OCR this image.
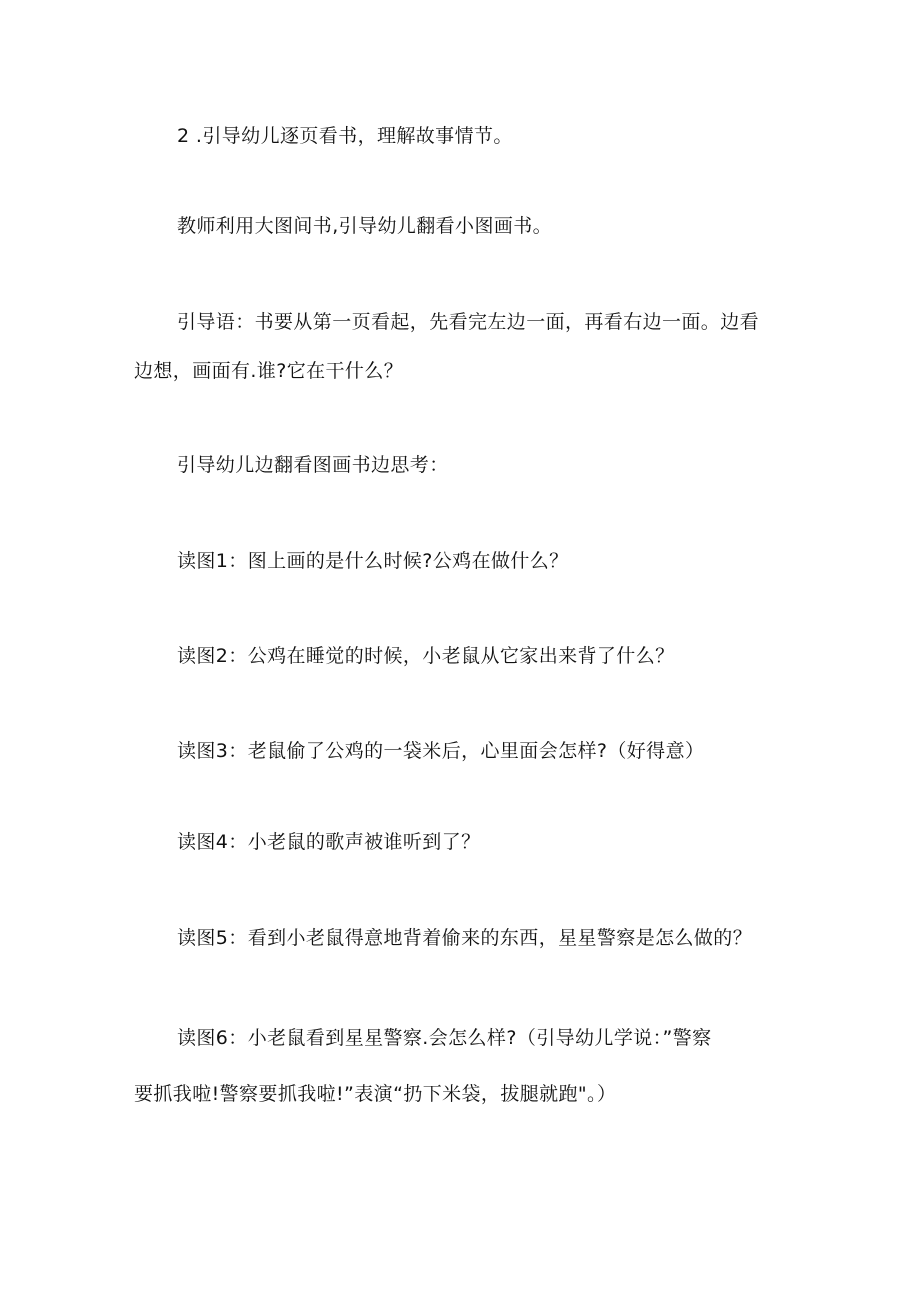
2 .引导幼儿逐页看书，理解故事情节。

教师利用大图间书,引导幼儿翻看小图画书。

引导语：书要从第一页看起，先看完左边一面，再看右边一面。边看
边想，画面有.谁?它在干什么？

引导幼儿边翻看图画书边思考：

读图1：图上画的是什么时候?公鸡在做什么？

读图2：公鸡在睡觉的时候，小老鼠从它家出来背了什么？

读图3：老鼠偷了公鸡的一袋米后，心里面会怎样?（好得意）

读图4：小老鼠的歌声被谁听到了？

读图5：看到小老鼠得意地背着偷来的东西，星星警察是怎么做的？

读图6：小老鼠看到星星警察.会怎么样?（引导幼儿学说：”警察
要抓我啦!警察要抓我啦!”表演“扔下米袋，拔腿就跑"。）
